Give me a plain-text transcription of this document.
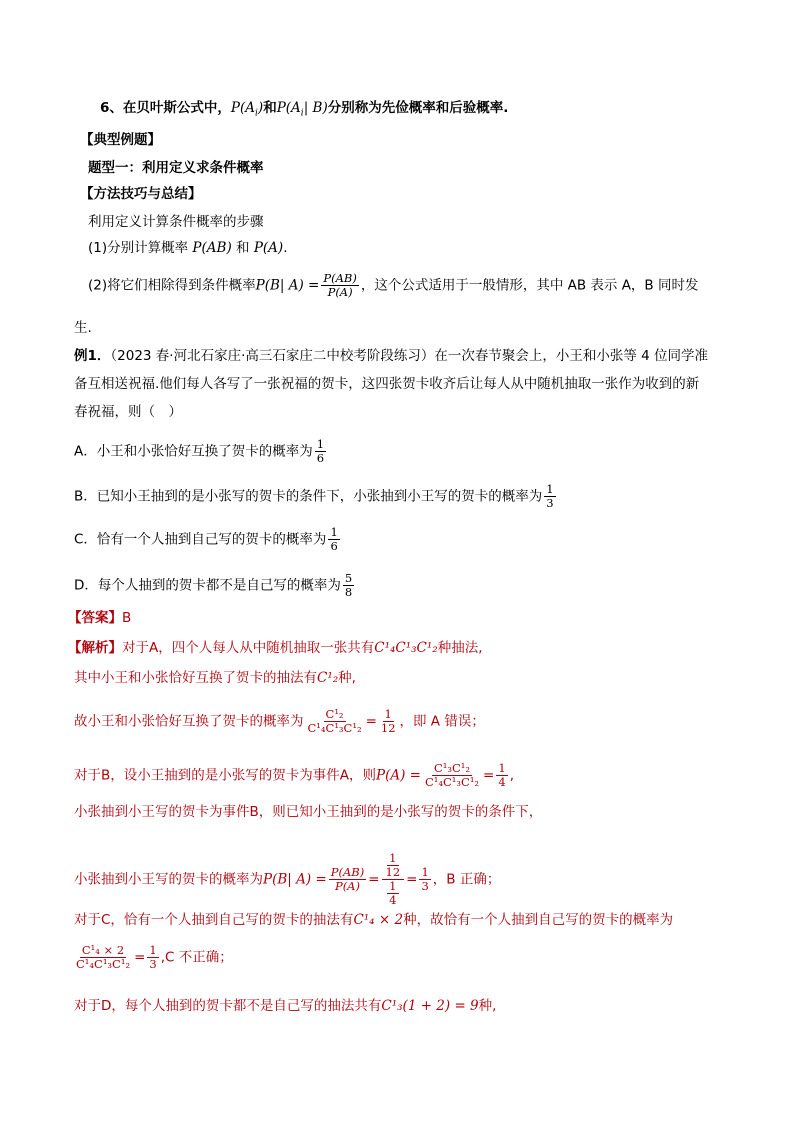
6、在贝叶斯公式中，$P(A_i)$和$P(A_i|$ B)分别称为先俭概率和后验概率.
【典型例题】
题型一：利用定义求条件概率
【方法技巧与总结】
利用定义计算条件概率的步骤
(1)分别计算概率 P(AB) 和 P(A).
(2)将它们相除得到条件概率P(B| $A) = \frac{P(AB)}{P(A)}$ ，这个公式适用于一般情形，其中 AB 表示 A，B 同时发
生.
例1．（2023 春·河北石家庄·高三石家庄二中校考阶段练习）在一次春节聚会上，小王和小张等 4 位同学准
备互相送祝福.他们每人各写了一张祝福的贺卡，这四张贺卡收齐后让每人从中随机抽取一张作为收到的新
春祝福，则（　）
A．小王和小张恰好互换了贺卡的概率为 $\frac{1}{6}$
B．已知小王抽到的是小张写的贺卡的条件下，小张抽到小王写的贺卡的概率为 $\frac{1}{3}$
C．恰有一个人抽到自己写的贺卡的概率为 $\frac{1}{6}$
D．每个人抽到的贺卡都不是自己写的概率为 $\frac{5}{8}$
【答案】B
【解析】对于A，四个人每人从中随机抽取一张共有C¹₄C¹₃C¹₂种抽法,
其中小王和小张恰好互换了贺卡的抽法有C¹₂种,
故小王和小张恰好互换了贺卡的概率为 $\frac{\text{C¹₂}}{\text{C¹₄C¹₃C¹₂}} = \frac{1}{12}$ ，即 A 错误；
对于B，设小王抽到的是小张写的贺卡为事件A，则$P(A) = \frac{\text{C¹₃C¹₂}}{\text{C¹₄C¹₃C¹₂}} = \frac{1}{4}$ ,
小张抽到小王写的贺卡为事件B，则已知小王抽到的是小张写的贺卡的条件下，
小张抽到小王写的贺卡的概率为P(B| $A) = \frac{P(AB)}{P(A)} = \frac{\frac{1}{12}}{\frac{1}{4}} = \frac{1}{3}$ ，B 正确；
对于C，恰有一个人抽到自己写的贺卡的抽法有C¹₄ × 2种，故恰有一个人抽到自己写的贺卡的概率为
$\frac{\text{C¹₄ × 2}}{\text{C¹₄C¹₃C¹₂}} = \frac{1}{3} ,C$ 不正确；
对于D，每个人抽到的贺卡都不是自己写的抽法共有C¹₃(1 + 2) = 9种,
